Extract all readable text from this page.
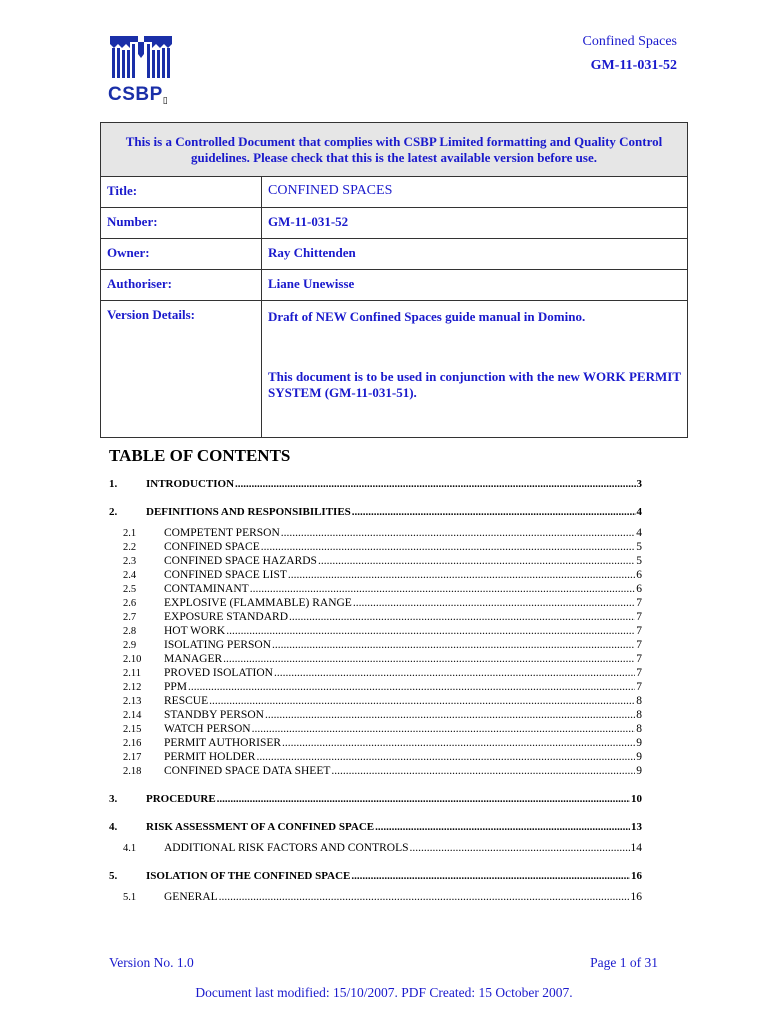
CSBP▯
Confined Spaces
GM-11-031-52
This is a Controlled Document that complies with CSBP Limited formatting and Quality Control guidelines. Please check that this is the latest available version before use.	
Title:	CONFINED SPACES
Number:	GM-11-031-52
Owner:	Ray Chittenden
Authoriser:	Liane Unewisse
Version Details:	Draft of NEW Confined Spaces guide manual in Domino.
This document is to be used in conjunction with the new WORK PERMIT SYSTEM (GM-11-031-51).
TABLE OF CONTENTS
1.	INTRODUCTION .....	3
2.	DEFINITIONS AND RESPONSIBILITIES .....	4
2.1 COMPETENT PERSON .....	4
2.2 CONFINED SPACE .....	5
2.3 CONFINED SPACE HAZARDS .....	5
2.4 CONFINED SPACE LIST .....	6
2.5 CONTAMINANT .....	6
2.6 EXPLOSIVE (FLAMMABLE) RANGE .....	7
2.7 EXPOSURE STANDARD .....	7
2.8 HOT WORK .....	7
2.9 ISOLATING PERSON .....	7
2.10 MANAGER .....	7
2.11 PROVED ISOLATION .....	7
2.12 PPM .....	7
2.13 RESCUE .....	8
2.14 STANDBY PERSON .....	8
2.15 WATCH PERSON .....	8
2.16 PERMIT AUTHORISER .....	9
2.17 PERMIT HOLDER .....	9
2.18 CONFINED SPACE DATA SHEET .....	9
3.	PROCEDURE .....	10
4.	RISK ASSESSMENT OF A CONFINED SPACE .....	13
4.1 ADDITIONAL RISK FACTORS AND CONTROLS .....	14
5.	ISOLATION OF THE CONFINED SPACE .....	16
5.1 GENERAL .....	16
Version No. 1.0	Page 1 of 31
Document last modified: 15/10/2007. PDF Created: 15 October 2007.
